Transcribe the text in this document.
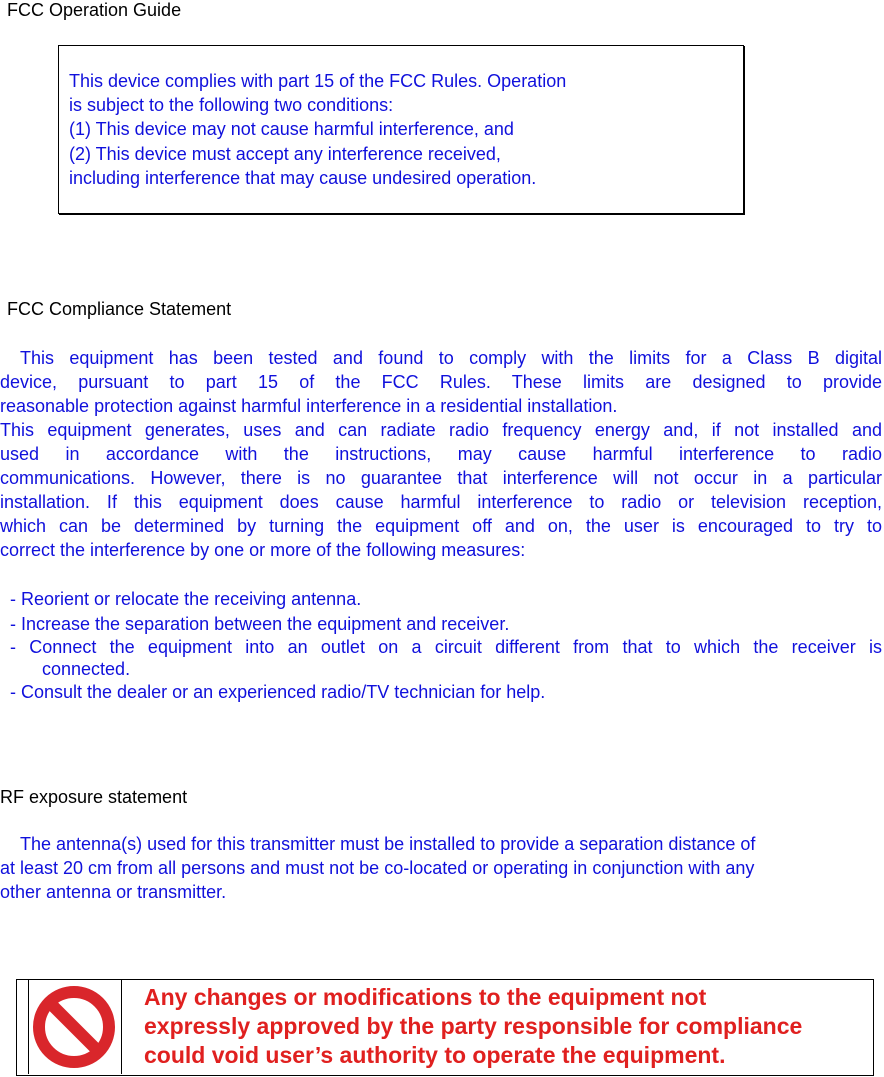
FCC Operation Guide
This device complies with part 15 of the FCC Rules. Operation
is subject to the following two conditions:
(1) This device may not cause harmful interference, and
(2) This device must accept any interference received,
including interference that may cause undesired operation.
FCC Compliance Statement
This equipment has been tested and found to comply with the limits for a Class B digital
device, pursuant to part 15 of the FCC Rules. These limits are designed to provide
reasonable protection against harmful interference in a residential installation.
This equipment generates, uses and can radiate radio frequency energy and, if not installed and
used in accordance with the instructions, may cause harmful interference to radio
communications. However, there is no guarantee that interference will not occur in a particular
installation. If this equipment does cause harmful interference to radio or television reception,
which can be determined by turning the equipment off and on, the user is encouraged to try to
correct the interference by one or more of the following measures:
- Reorient or relocate the receiving antenna.
- Increase the separation between the equipment and receiver.
- Connect the equipment into an outlet on a circuit different from that to which the receiver is
connected.
- Consult the dealer or an experienced radio/TV technician for help.
RF exposure statement
The antenna(s) used for this transmitter must be installed to provide a separation distance of
at least 20 cm from all persons and must not be co-located or operating in conjunction with any
other antenna or transmitter.
Any changes or modifications to the equipment not
expressly approved by the party responsible for compliance
could void user’s authority to operate the equipment.
